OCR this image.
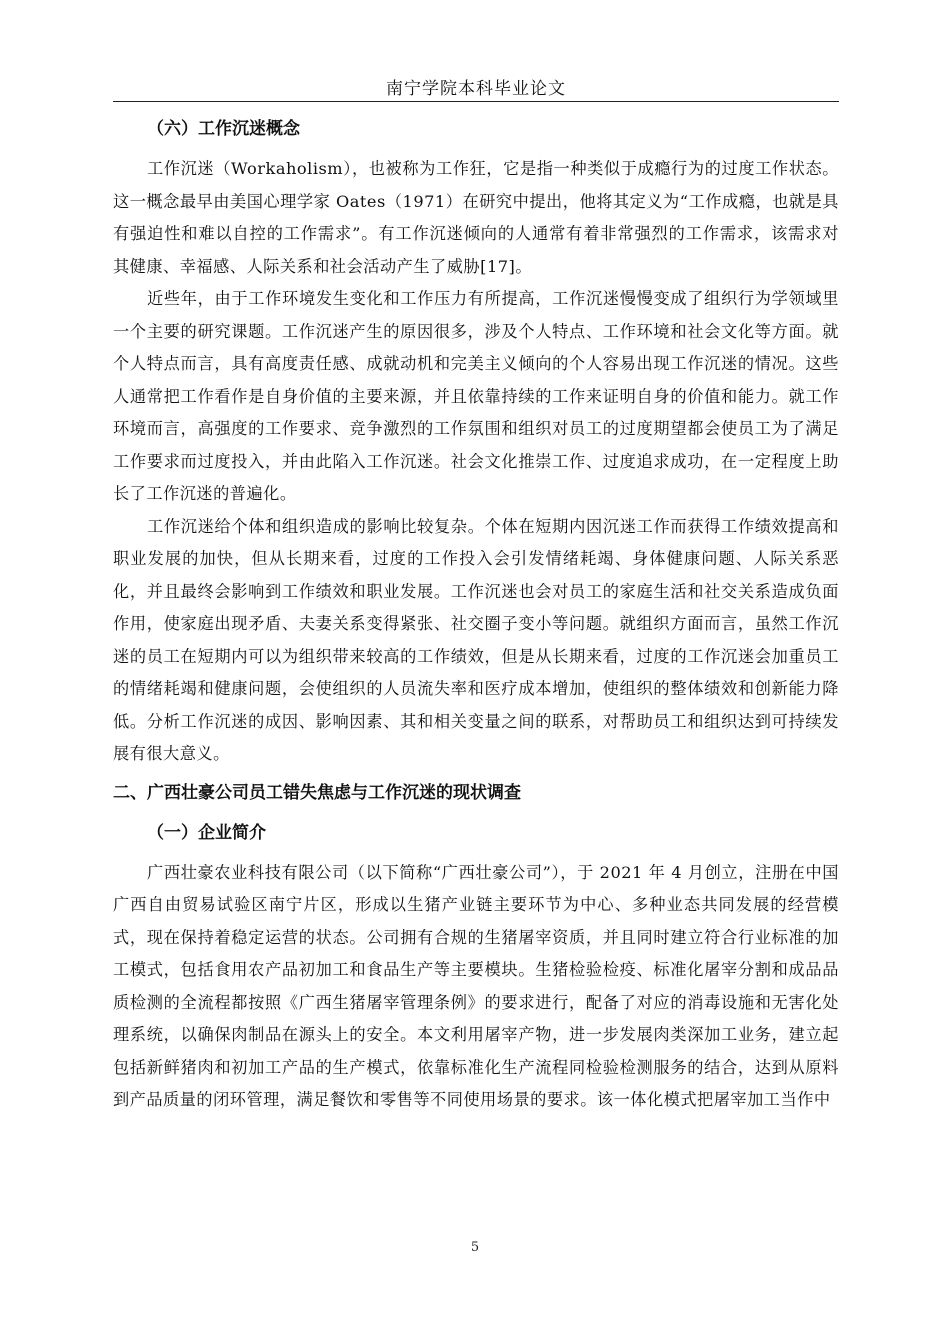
南宁学院本科毕业论文
（六）工作沉迷概念

工作沉迷（Workaholism），也被称为工作狂，它是指一种类似于成瘾行为的过度工作状态。这一概念最早由美国心理学家 Oates（1971）在研究中提出，他将其定义为“工作成瘾，也就是具有强迫性和难以自控的工作需求”。有工作沉迷倾向的人通常有着非常强烈的工作需求，该需求对其健康、幸福感、人际关系和社会活动产生了威胁[17]。

近些年，由于工作环境发生变化和工作压力有所提高，工作沉迷慢慢变成了组织行为学领域里一个主要的研究课题。工作沉迷产生的原因很多，涉及个人特点、工作环境和社会文化等方面。就个人特点而言，具有高度责任感、成就动机和完美主义倾向的个人容易出现工作沉迷的情况。这些人通常把工作看作是自身价值的主要来源，并且依靠持续的工作来证明自身的价值和能力。就工作环境而言，高强度的工作要求、竞争激烈的工作氛围和组织对员工的过度期望都会使员工为了满足工作要求而过度投入，并由此陷入工作沉迷。社会文化推崇工作、过度追求成功，在一定程度上助长了工作沉迷的普遍化。

工作沉迷给个体和组织造成的影响比较复杂。个体在短期内因沉迷工作而获得工作绩效提高和职业发展的加快，但从长期来看，过度的工作投入会引发情绪耗竭、身体健康问题、人际关系恶化，并且最终会影响到工作绩效和职业发展。工作沉迷也会对员工的家庭生活和社交关系造成负面作用，使家庭出现矛盾、夫妻关系变得紧张、社交圈子变小等问题。就组织方面而言，虽然工作沉迷的员工在短期内可以为组织带来较高的工作绩效，但是从长期来看，过度的工作沉迷会加重员工的情绪耗竭和健康问题，会使组织的人员流失率和医疗成本增加，使组织的整体绩效和创新能力降低。分析工作沉迷的成因、影响因素、其和相关变量之间的联系，对帮助员工和组织达到可持续发展有很大意义。

二、广西壮豪公司员工错失焦虑与工作沉迷的现状调查
（一）企业简介

广西壮豪农业科技有限公司（以下简称“广西壮豪公司”），于 2021 年 4 月创立，注册在中国广西自由贸易试验区南宁片区，形成以生猪产业链主要环节为中心、多种业态共同发展的经营模式，现在保持着稳定运营的状态。公司拥有合规的生猪屠宰资质，并且同时建立符合行业标准的加工模式，包括食用农产品初加工和食品生产等主要模块。生猪检验检疫、标准化屠宰分割和成品品质检测的全流程都按照《广西生猪屠宰管理条例》的要求进行，配备了对应的消毒设施和无害化处理系统，以确保肉制品在源头上的安全。本文利用屠宰产物，进一步发展肉类深加工业务，建立起包括新鲜猪肉和初加工产品的生产模式，依靠标准化生产流程同检验检测服务的结合，达到从原料到产品质量的闭环管理，满足餐饮和零售等不同使用场景的要求。该一体化模式把屠宰加工当作中

5
